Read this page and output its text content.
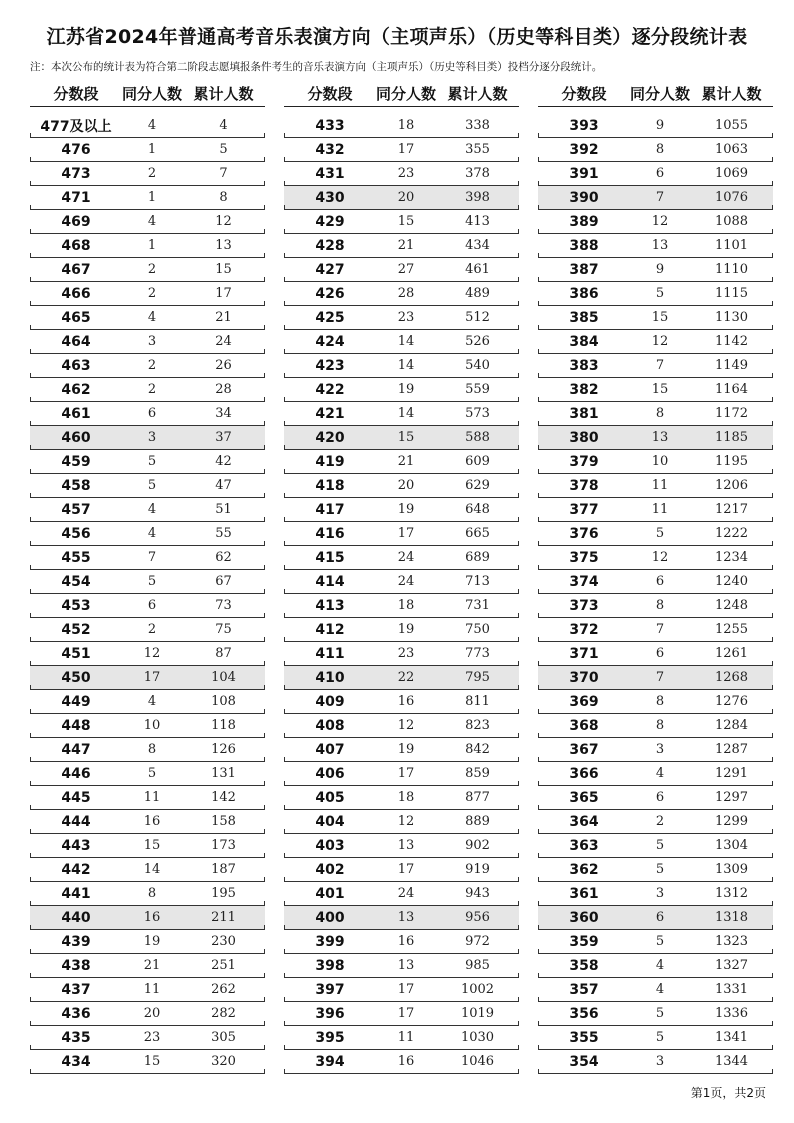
江苏省2024年普通高考音乐表演方向（主项声乐）（历史等科目类）逐分段统计表
注：本次公布的统计表为符合第二阶段志愿填报条件考生的音乐表演方向（主项声乐）（历史等科目类）投档分逐分段统计。
分数段	同分人数 累计人数
477及以上	4	4
476	1	5
473	2	7
471	1	8
469	4	12
468	1	13
467	2	15
466	2	17
465	4	21
464	3	24
463	2	26
462	2	28
461	6	34
460	3	37
459	5	42
458	5	47
457	4	51
456	4	55
455	7	62
454	5	67
453	6	73
452	2	75
451	12	87
450	17	104
449	4	108
448	10	118
447	8	126
446	5	131
445	11	142
444	16	158
443	15	173
442	14	187
441	8	195
440	16	211
439	19	230
438	21	251
437	11	262
436	20	282
435	23	305
434	15	320
分数段	同分人数 累计人数
433	18	338
432	17	355
431	23	378
430	20	398
429	15	413
428	21	434
427	27	461
426	28	489
425	23	512
424	14	526
423	14	540
422	19	559
421	14	573
420	15	588
419	21	609
418	20	629
417	19	648
416	17	665
415	24	689
414	24	713
413	18	731
412	19	750
411	23	773
410	22	795
409	16	811
408	12	823
407	19	842
406	17	859
405	18	877
404	12	889
403	13	902
402	17	919
401	24	943
400	13	956
399	16	972
398	13	985
397	17	1002
396	17	1019
395	11	1030
394	16	1046
分数段	同分人数 累计人数
393	9	1055
392	8	1063
391	6	1069
390	7	1076
389	12	1088
388	13	1101
387	9	1110
386	5	1115
385	15	1130
384	12	1142
383	7	1149
382	15	1164
381	8	1172
380	13	1185
379	10	1195
378	11	1206
377	11	1217
376	5	1222
375	12	1234
374	6	1240
373	8	1248
372	7	1255
371	6	1261
370	7	1268
369	8	1276
368	8	1284
367	3	1287
366	4	1291
365	6	1297
364	2	1299
363	5	1304
362	5	1309
361	3	1312
360	6	1318
359	5	1323
358	4	1327
357	4	1331
356	5	1336
355	5	1341
354	3	1344
第1页，共2页
